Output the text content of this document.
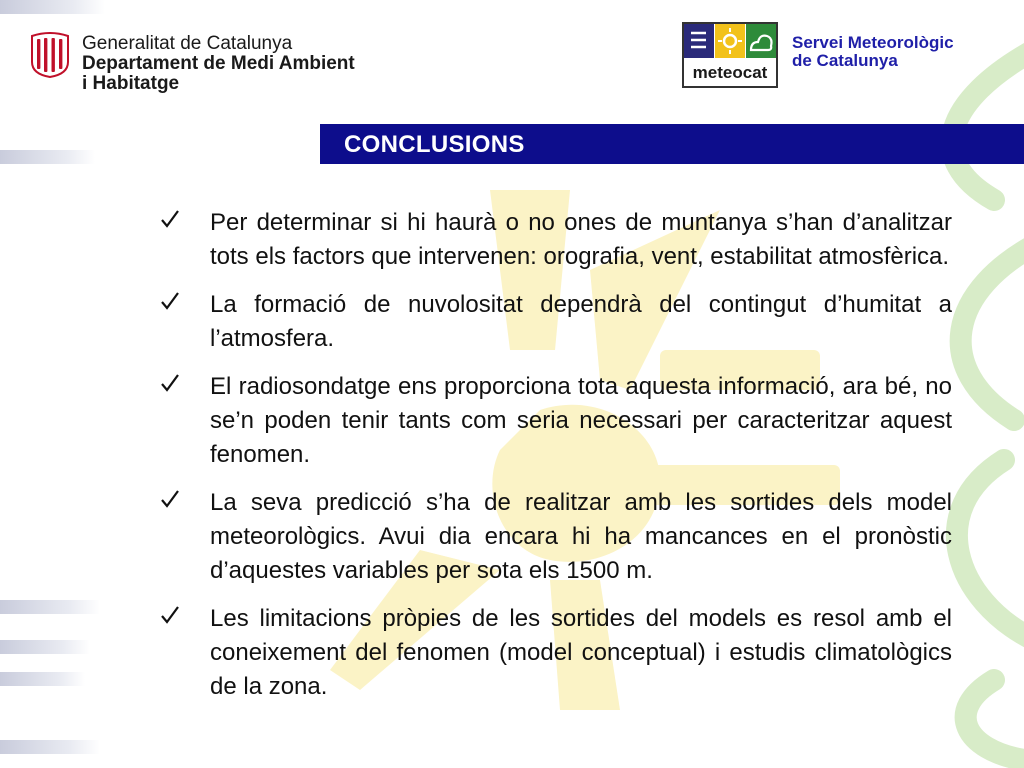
Generalitat de Catalunya
Departament de Medi Ambient
i Habitatge
meteocat
Servei Meteorològic
de Catalunya
CONCLUSIONS
Per determinar si hi haurà o no ones de muntanya s’han d’analitzar tots els factors que intervenen: orografia, vent, estabilitat atmosfèrica.
La formació de nuvolositat dependrà del contingut d’humitat a l’atmosfera.
El radiosondatge ens proporciona tota aquesta informació, ara bé, no se’n poden tenir tants com seria necessari per caracteritzar aquest fenomen.
La seva predicció s’ha de realitzar amb les sortides dels model meteorològics. Avui dia encara hi ha mancances en el pronòstic d’aquestes variables per sota els 1500 m.
Les limitacions pròpies de les sortides del models es resol amb el coneixement del fenomen (model conceptual) i estudis climatològics de la zona.
